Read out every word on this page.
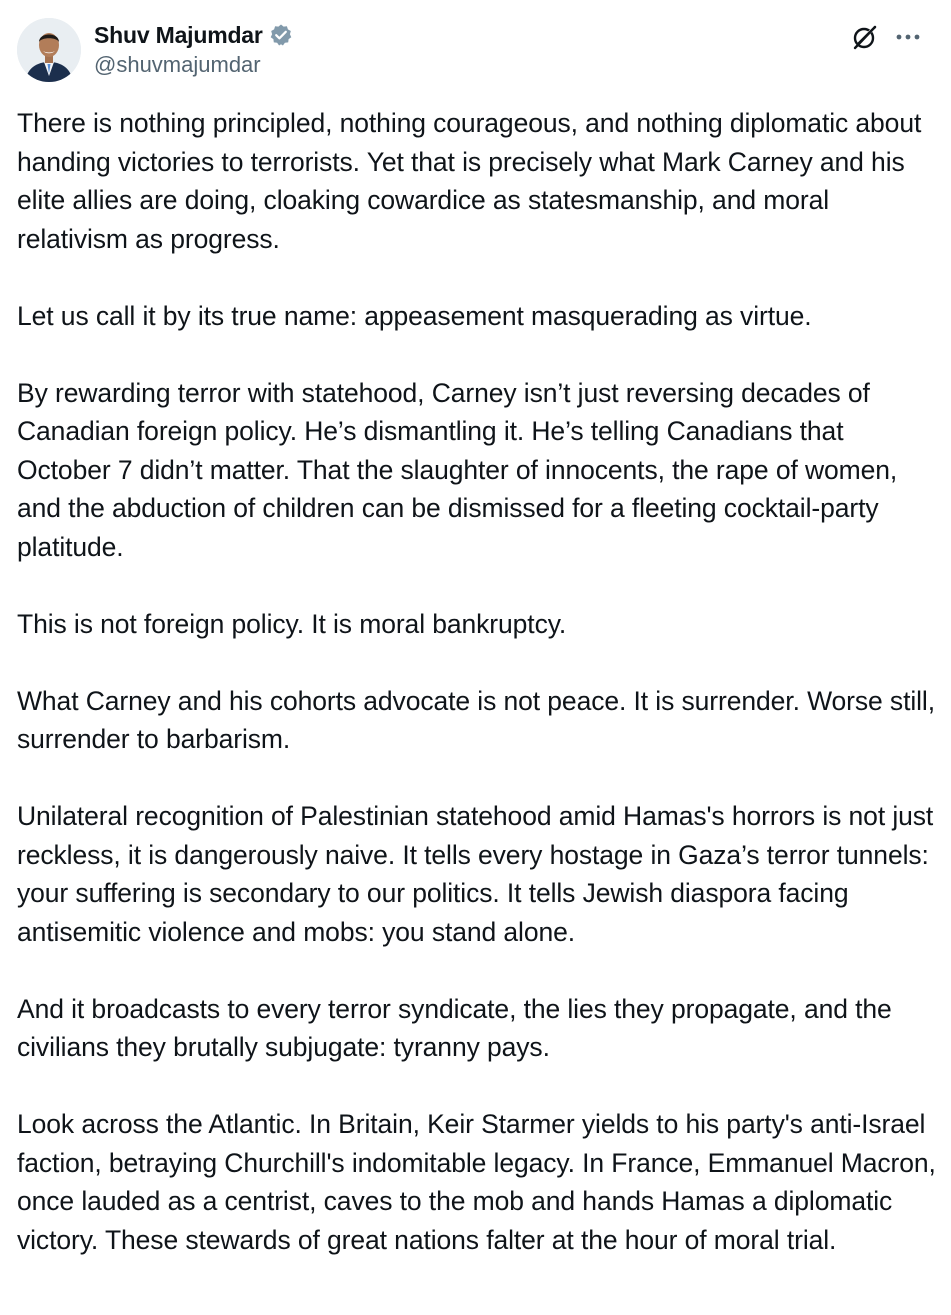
Shuv Majumdar
@shuvmajumdar

There is nothing principled, nothing courageous, and nothing diplomatic about handing victories to terrorists. Yet that is precisely what Mark Carney and his elite allies are doing, cloaking cowardice as statesmanship, and moral relativism as progress.

Let us call it by its true name: appeasement masquerading as virtue.

By rewarding terror with statehood, Carney isn’t just reversing decades of Canadian foreign policy. He’s dismantling it. He’s telling Canadians that October 7 didn’t matter. That the slaughter of innocents, the rape of women, and the abduction of children can be dismissed for a fleeting cocktail-party platitude.

This is not foreign policy. It is moral bankruptcy.

What Carney and his cohorts advocate is not peace. It is surrender. Worse still, surrender to barbarism.

Unilateral recognition of Palestinian statehood amid Hamas's horrors is not just reckless, it is dangerously naive. It tells every hostage in Gaza’s terror tunnels: your suffering is secondary to our politics. It tells Jewish diaspora facing antisemitic violence and mobs: you stand alone.

And it broadcasts to every terror syndicate, the lies they propagate, and the civilians they brutally subjugate: tyranny pays.

Look across the Atlantic. In Britain, Keir Starmer yields to his party's anti-Israel faction, betraying Churchill's indomitable legacy. In France, Emmanuel Macron, once lauded as a centrist, caves to the mob and hands Hamas a diplomatic victory. These stewards of great nations falter at the hour of moral trial.
